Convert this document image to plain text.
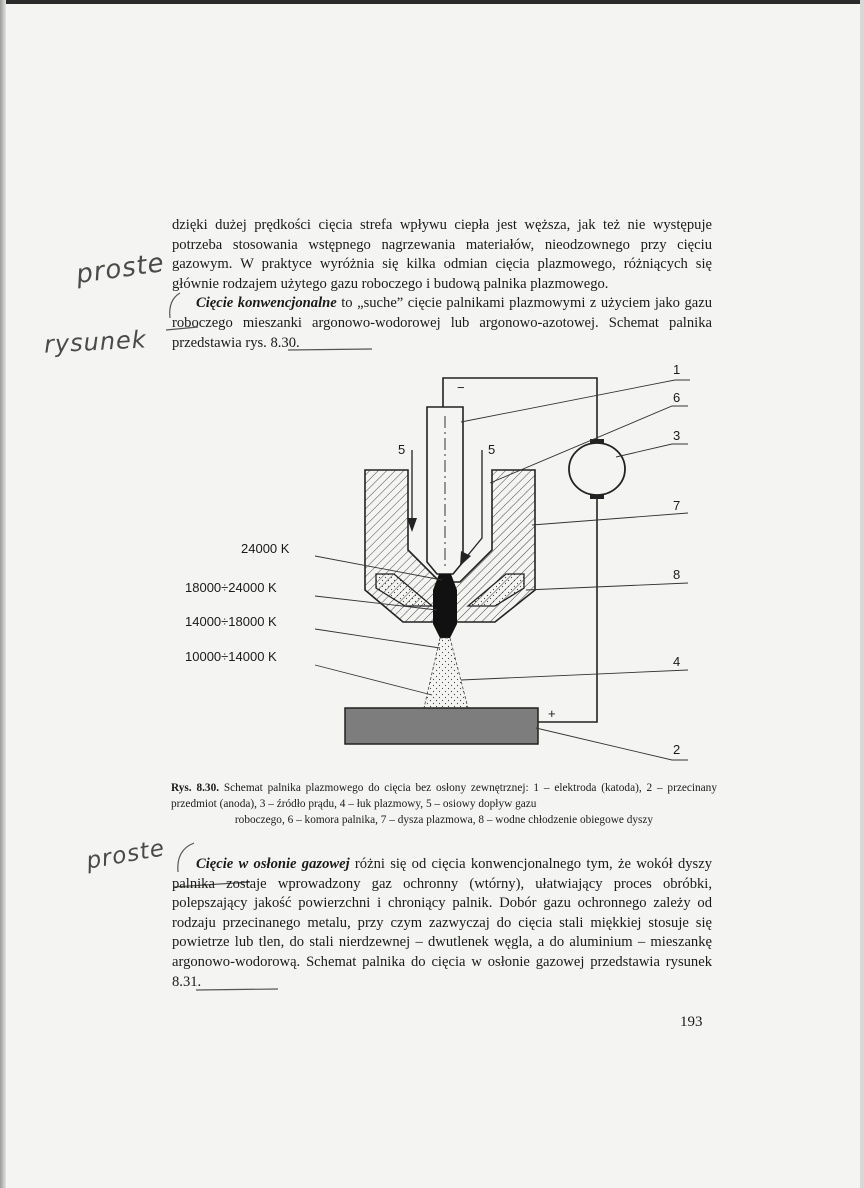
dzięki dużej prędkości cięcia strefa wpływu ciepła jest węższa, jak też nie występuje potrzeba stosowania wstępnego nagrzewania materiałów, nieodzownego przy cięciu gazowym. W praktyce wyróżnia się kilka odmian cięcia plazmowego, różniących się głównie rodzajem użytego gazu roboczego i budową palnika plazmowego.
Cięcie konwencjonalne to „suche” cięcie palnikami plazmowymi z użyciem jako gazu roboczego mieszanki argonowo-wodorowej lub argonowo-azotowej. Schemat palnika przedstawia rys. 8.30.

−
+
5	5
24000 K
18000÷24000 K
14000÷18000 K
10000÷14000 K
1
6
3
7
8
4
2

Rys. 8.30. Schemat palnika plazmowego do cięcia bez osłony zewnętrznej: 1 – elektroda (katoda), 2 – przecinany przedmiot (anoda), 3 – źródło prądu, 4 – łuk plazmowy, 5 – osiowy dopływ gazu
roboczego, 6 – komora palnika, 7 – dysza plazmowa, 8 – wodne chłodzenie obiegowe dyszy

Cięcie w osłonie gazowej różni się od cięcia konwencjonalnego tym, że wokół dyszy palnika zostaje wprowadzony gaz ochronny (wtórny), ułatwiający proces obróbki, polepszający jakość powierzchni i chroniący palnik. Dobór gazu ochronnego zależy od rodzaju przecinanego metalu, przy czym zazwyczaj do cięcia stali miękkiej stosuje się powietrze lub tlen, do stali nierdzewnej – dwutlenek węgla, a do aluminium – mieszankę argonowo-wodorową. Schemat palnika do cięcia w osłonie gazowej przedstawia rysunek 8.31.

193
proste
rysunek
proste
